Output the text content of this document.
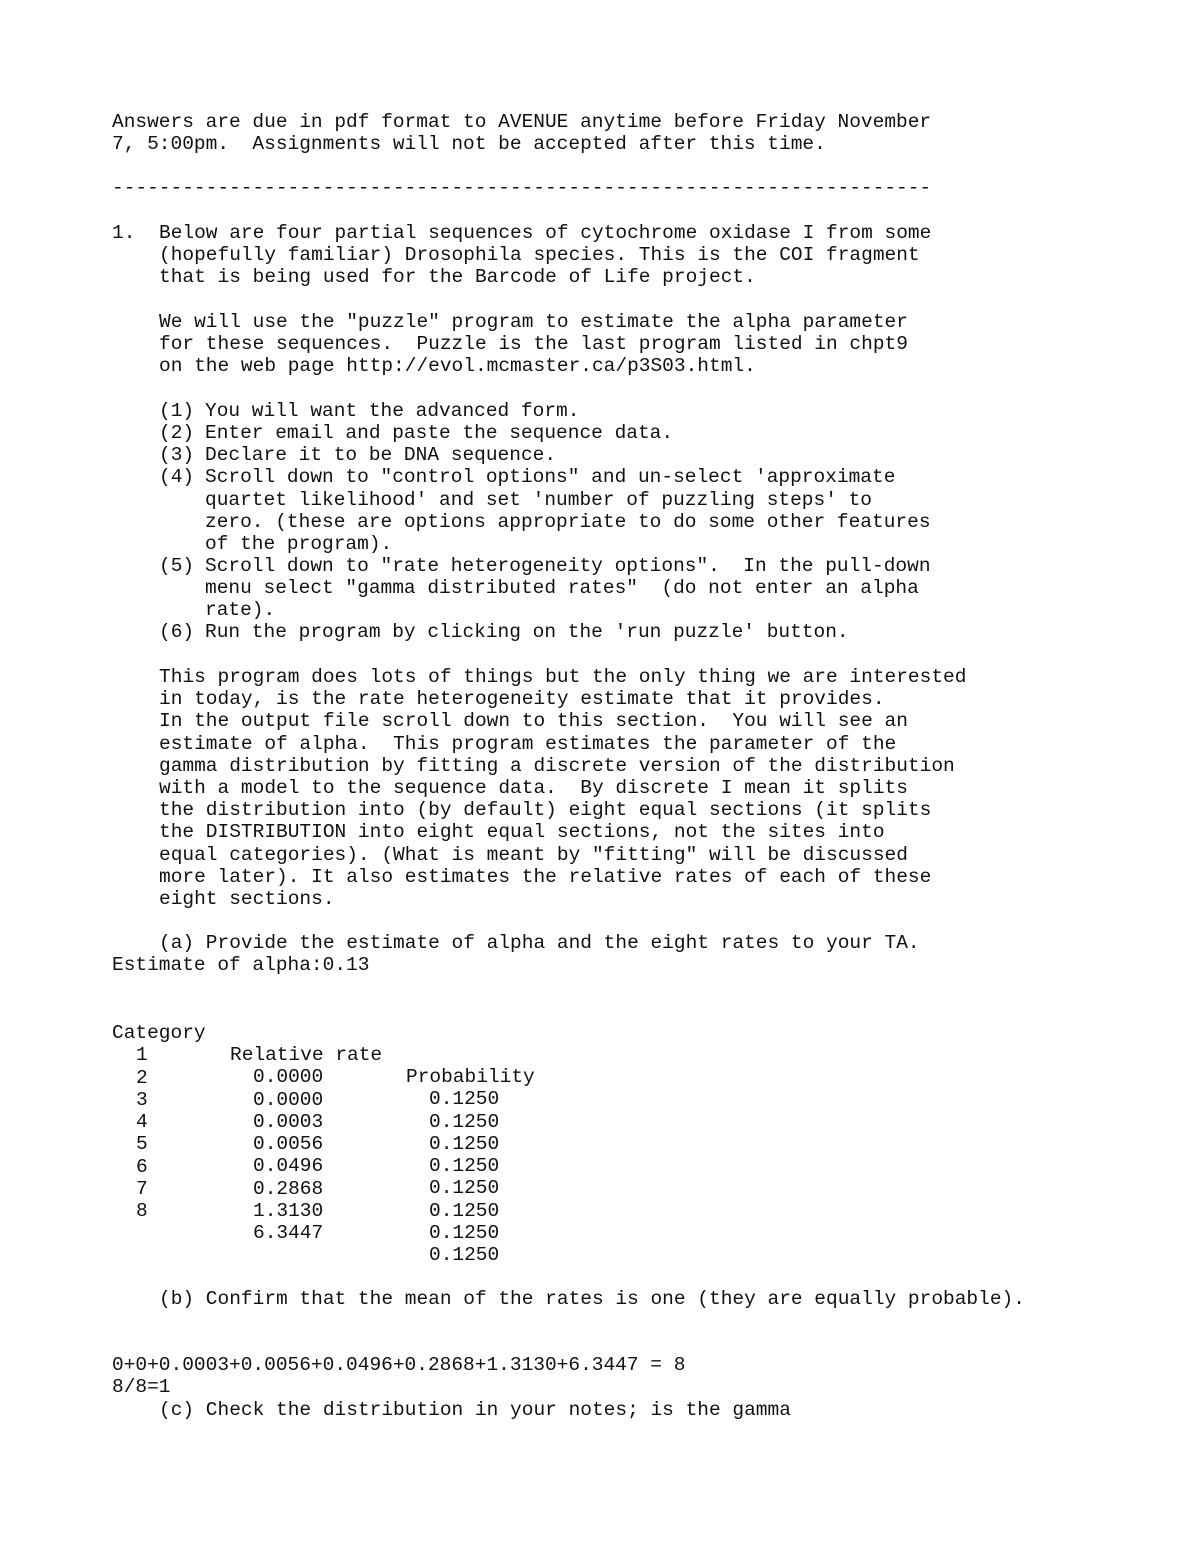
Answers are due in pdf format to AVENUE anytime before Friday November

7, 5:00pm.  Assignments will not be accepted after this time.

----------------------------------------------------------------------

1. Below are four partial sequences of cytochrome oxidase I from some

(hopefully familiar) Drosophila species. This is the COI fragment

that is being used for the Barcode of Life project.

We will use the "puzzle" program to estimate the alpha parameter

for these sequences.  Puzzle is the last program listed in chpt9

on the web page http://evol.mcmaster.ca/p3S03.html.

(1) You will want the advanced form.

(2) Enter email and paste the sequence data.

(3) Declare it to be DNA sequence.

(4) Scroll down to "control options" and un-select 'approximate

quartet likelihood' and set 'number of puzzling steps' to

zero. (these are options appropriate to do some other features

of the program).

(5) Scroll down to "rate heterogeneity options".  In the pull-down

menu select "gamma distributed rates"  (do not enter an alpha

rate).

(6) Run the program by clicking on the 'run puzzle' button.

This program does lots of things but the only thing we are interested

in today, is the rate heterogeneity estimate that it provides.

In the output file scroll down to this section.  You will see an

estimate of alpha.  This program estimates the parameter of the

gamma distribution by fitting a discrete version of the distribution

with a model to the sequence data.  By discrete I mean it splits

the distribution into (by default) eight equal sections (it splits

the DISTRIBUTION into eight equal sections, not the sites into

equal categories). (What is meant by "fitting" will be discussed

more later). It also estimates the relative rates of each of these

eight sections.

(a) Provide the estimate of alpha and the eight rates to your TA.

Estimate of alpha:0.13

Category

Relative rate

Probability

1

0.0000

0.1250

2

0.0000

0.1250

3

0.0003

0.1250

4

0.0056

0.1250

5

0.0496

0.1250

6

0.2868

0.1250

7

1.3130

0.1250

8

6.3447

0.1250

(b) Confirm that the mean of the rates is one (they are equally probable).

0+0+0.0003+0.0056+0.0496+0.2868+1.3130+6.3447 = 8

8/8=1

(c) Check the distribution in your notes; is the gamma
